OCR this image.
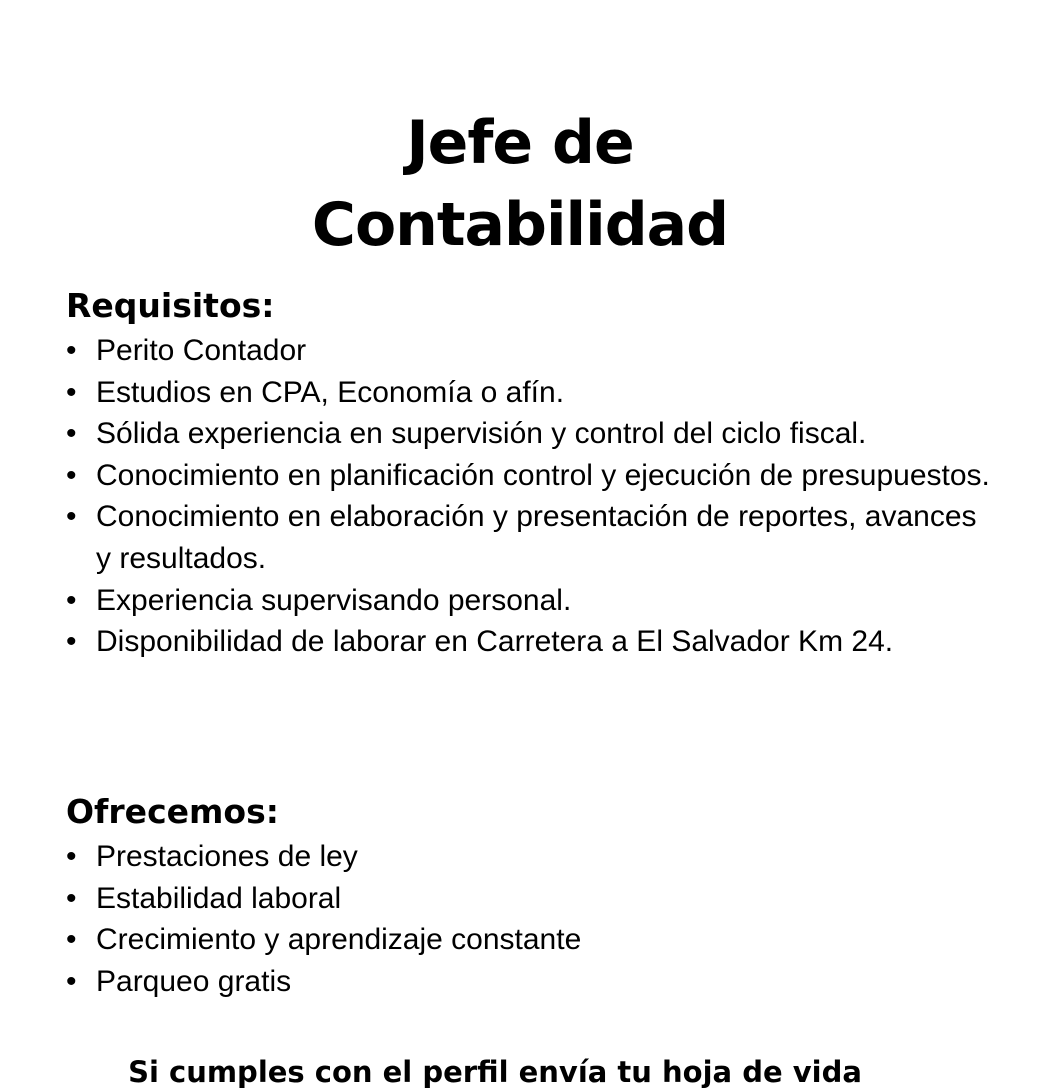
Jefe de
Contabilidad
Requisitos:
• Perito Contador
• Estudios en CPA, Economía o afín.
• Sólida experiencia en supervisión y control del ciclo fiscal.
• Conocimiento en planificación control y ejecución de presupuestos.
• Conocimiento en elaboración y presentación de reportes, avances y resultados.
• Experiencia supervisando personal.
• Disponibilidad de laborar en Carretera a El Salvador Km 24.
Ofrecemos:
• Prestaciones de ley
• Estabilidad laboral
• Crecimiento y aprendizaje constante
• Parqueo gratis
Si cumples con el perfil envía tu hoja de vida
